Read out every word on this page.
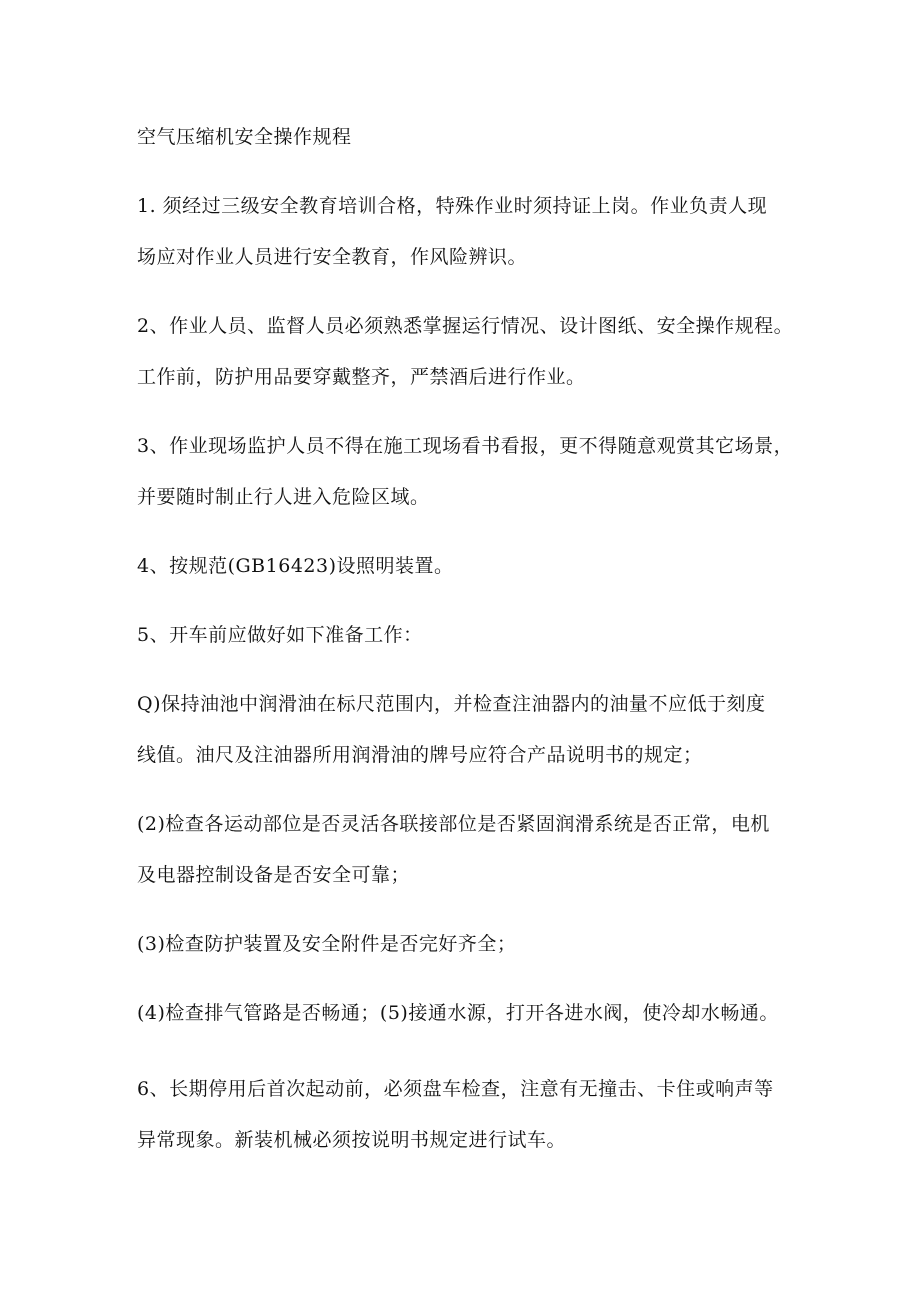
空气压缩机安全操作规程

1. 须经过三级安全教育培训合格，特殊作业时须持证上岗。作业负责人现
场应对作业人员进行安全教育，作风险辨识。

2、作业人员、监督人员必须熟悉掌握运行情况、设计图纸、安全操作规程。
工作前，防护用品要穿戴整齐，严禁酒后进行作业。

3、作业现场监护人员不得在施工现场看书看报，更不得随意观赏其它场景，
并要随时制止行人进入危险区域。

4、按规范(GB16423)设照明装置。

5、开车前应做好如下准备工作：

Q)保持油池中润滑油在标尺范围内，并检查注油器内的油量不应低于刻度
线值。油尺及注油器所用润滑油的牌号应符合产品说明书的规定；

(2)检查各运动部位是否灵活各联接部位是否紧固润滑系统是否正常，电机
及电器控制设备是否安全可靠；

(3)检查防护装置及安全附件是否完好齐全；

(4)检查排气管路是否畅通；(5)接通水源，打开各进水阀，使冷却水畅通。

6、长期停用后首次起动前，必须盘车检查，注意有无撞击、卡住或响声等
异常现象。新装机械必须按说明书规定进行试车。
